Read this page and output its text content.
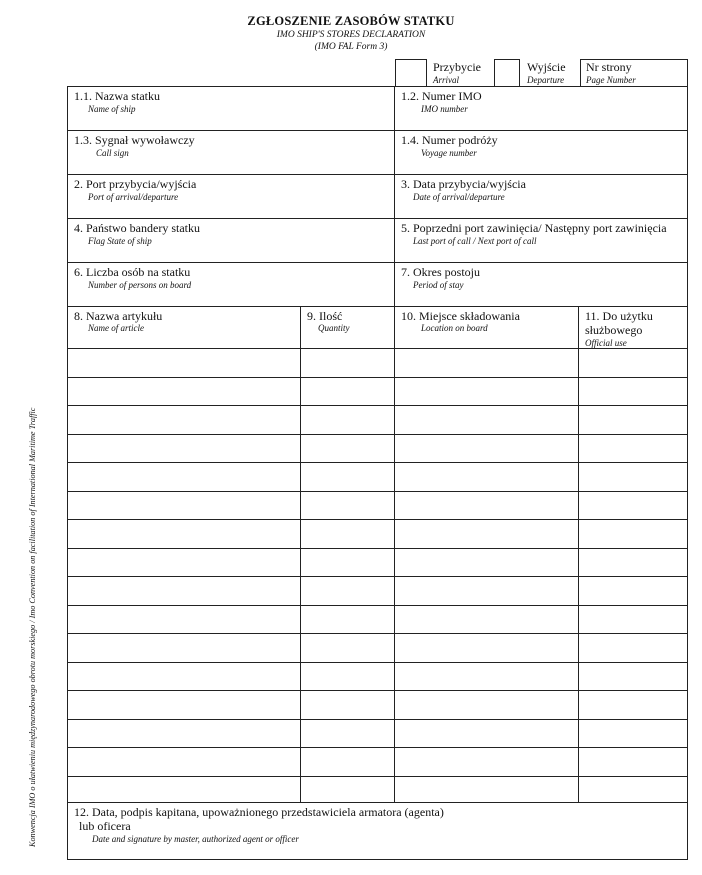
ZGŁOSZENIE ZASOBÓW STATKU
IMO SHIP'S STORES DECLARATION
(IMO FAL Form 3)
Konwencja IMO o ułatwieniu międzynarodowego obrotu morskiego / Imo Convention on facilitation of International Maritime Traffic
Przybycie
Arrival
Wyjście
Departure
Nr strony
Page Number
1.1. Nazwa statku
Name of ship
1.2. Numer IMO
IMO number
1.3. Sygnał wywoławczy
Call sign
1.4. Numer podróży
Voyage number
2. Port przybycia/wyjścia
Port of arrival/departure
3. Data przybycia/wyjścia
Date of arrival/departure
4. Państwo bandery statku
Flag State of ship
5. Poprzedni port zawinięcia/ Następny port zawinięcia
Last port of call / Next port of call
6. Liczba osób na statku
Number of persons on board
7. Okres postoju
Period of stay
8. Nazwa artykułu
Name of article
9. Ilość
Quantity
10. Miejsce składowania
Location on board
11. Do użytku
służbowego
Official use
12. Data, podpis kapitana, upoważnionego przedstawiciela armatora (agenta)
lub oficera
Date and signature by master, authorized agent or officer
